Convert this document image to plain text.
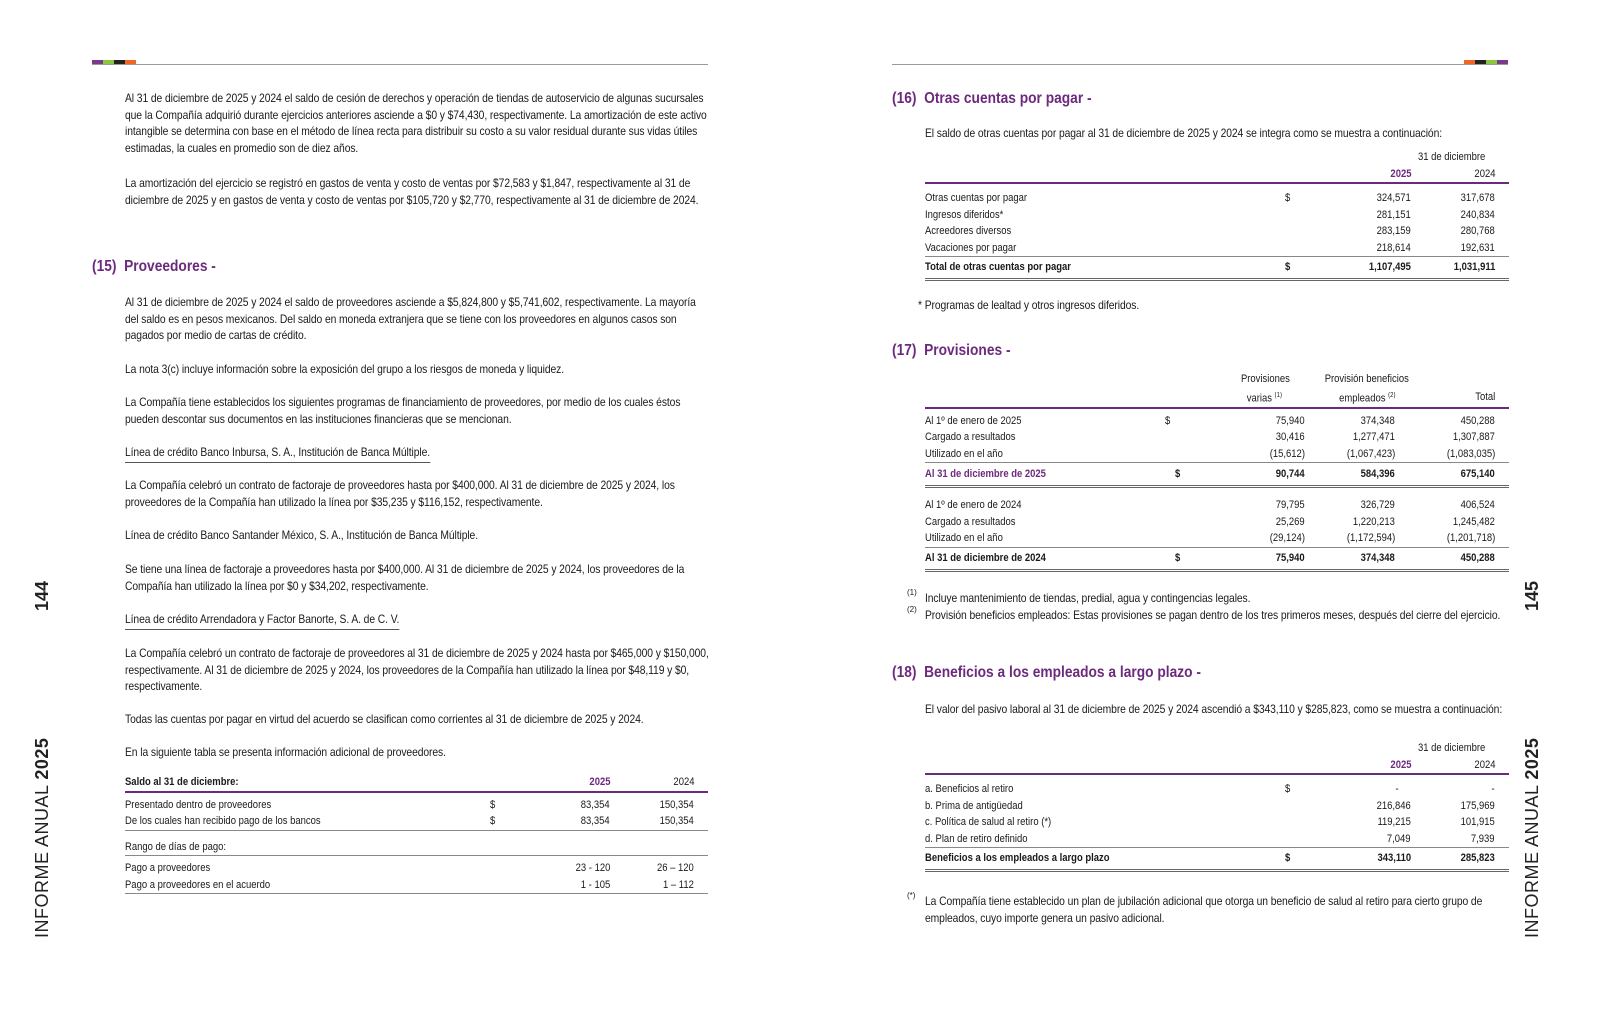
Al 31 de diciembre de 2025 y 2024 el saldo de cesión de derechos y operación de tiendas de autoservicio de algunas sucursales que la Compañía adquirió durante ejercicios anteriores asciende a $0 y $74,430, respectivamente. La amortización de este activo intangible se determina con base en el método de línea recta para distribuir su costo a su valor residual durante sus vidas útiles estimadas, la cuales en promedio son de diez años.

La amortización del ejercicio se registró en gastos de venta y costo de ventas por $72,583 y $1,847, respectivamente al 31 de diciembre de 2025 y en gastos de venta y costo de ventas por $105,720 y $2,770, respectivamente al 31 de diciembre de 2024.

(15) Proveedores -

Al 31 de diciembre de 2025 y 2024 el saldo de proveedores asciende a $5,824,800 y $5,741,602, respectivamente. La mayoría del saldo es en pesos mexicanos. Del saldo en moneda extranjera que se tiene con los proveedores en algunos casos son pagados por medio de cartas de crédito.

La nota 3(c) incluye información sobre la exposición del grupo a los riesgos de moneda y liquidez.

La Compañía tiene establecidos los siguientes programas de financiamiento de proveedores, por medio de los cuales éstos pueden descontar sus documentos en las instituciones financieras que se mencionan.

Línea de crédito Banco Inbursa, S. A., Institución de Banca Múltiple.

La Compañía celebró un contrato de factoraje de proveedores hasta por $400,000. Al 31 de diciembre de 2025 y 2024, los proveedores de la Compañía han utilizado la línea por $35,235 y $116,152, respectivamente.

Línea de crédito Banco Santander México, S. A., Institución de Banca Múltiple.

Se tiene una línea de factoraje a proveedores hasta por $400,000. Al 31 de diciembre de 2025 y 2024, los proveedores de la Compañía han utilizado la línea por $0 y $34,202, respectivamente.

Línea de crédito Arrendadora y Factor Banorte, S. A. de C. V.

La Compañía celebró un contrato de factoraje de proveedores al 31 de diciembre de 2025 y 2024 hasta por $465,000 y $150,000, respectivamente. Al 31 de diciembre de 2025 y 2024, los proveedores de la Compañía han utilizado la línea por $48,119 y $0, respectivamente.

Todas las cuentas por pagar en virtud del acuerdo se clasifican como corrientes al 31 de diciembre de 2025 y 2024.

En la siguiente tabla se presenta información adicional de proveedores.

Saldo al 31 de diciembre:		2025	2024

Presentado dentro de proveedores	$	83,354	150,354
De los cuales han recibido pago de los bancos	$	83,354	150,354

Rango de días de pago:			

Pago a proveedores		23 - 120	26 – 120
Pago a proveedores en el acuerdo		1 - 105	1 – 112
144
INFORME ANUAL 2025
(16) Otras cuentas por pagar -

El saldo de otras cuentas por pagar al 31 de diciembre de 2025 y 2024 se integra como se muestra a continuación:

		31 de diciembre	
		2025	2024

Otras cuentas por pagar	$	324,571	317,678
Ingresos diferidos*		281,151	240,834
Acreedores diversos		283,159	280,768
Vacaciones por pagar		218,614	192,631
Total de otras cuentas por pagar	$	1,107,495	1,031,911

* Programas de lealtad y otros ingresos diferidos.

(17) Provisiones -
		Provisiones	Provisión beneficios	
		varias $^{(1)}$	empleados $^{(2)}$	Total

Al 1º de enero de 2025	$	75,940	374,348	450,288
Cargado a resultados		30,416	1,277,471	1,307,887
Utilizado en el año		(15,612)	(1,067,423)	(1,083,035)
Al 31 de diciembre de 2025	$	90,744	584,396	675,140

Al 1º de enero de 2024		79,795	326,729	406,524
Cargado a resultados		25,269	1,220,213	1,245,482
Utilizado en el año		(29,124)	(1,172,594)	(1,201,718)
Al 31 de diciembre de 2024	$	75,940	374,348	450,288
(1) Incluye mantenimiento de tiendas, predial, agua y contingencias legales.

(2) Provisión beneficios empleados: Estas provisiones se pagan dentro de los tres primeros meses, después del cierre del ejercicio.

(18) Beneficios a los empleados a largo plazo -

El valor del pasivo laboral al 31 de diciembre de 2025 y 2024 ascendió a $343,110 y $285,823, como se muestra a continuación:

		31 de diciembre	
		2025	2024

a. Beneficios al retiro	$	-	-
b. Prima de antigüedad		216,846	175,969
c. Política de salud al retiro (*)		119,215	101,915
d. Plan de retiro definido		7,049	7,939
Beneficios a los empleados a largo plazo	$	343,110	285,823
(*) La Compañía tiene establecido un plan de jubilación adicional que otorga un beneficio de salud al retiro para cierto grupo de empleados, cuyo importe genera un pasivo adicional.

145
INFORME ANUAL 2025
